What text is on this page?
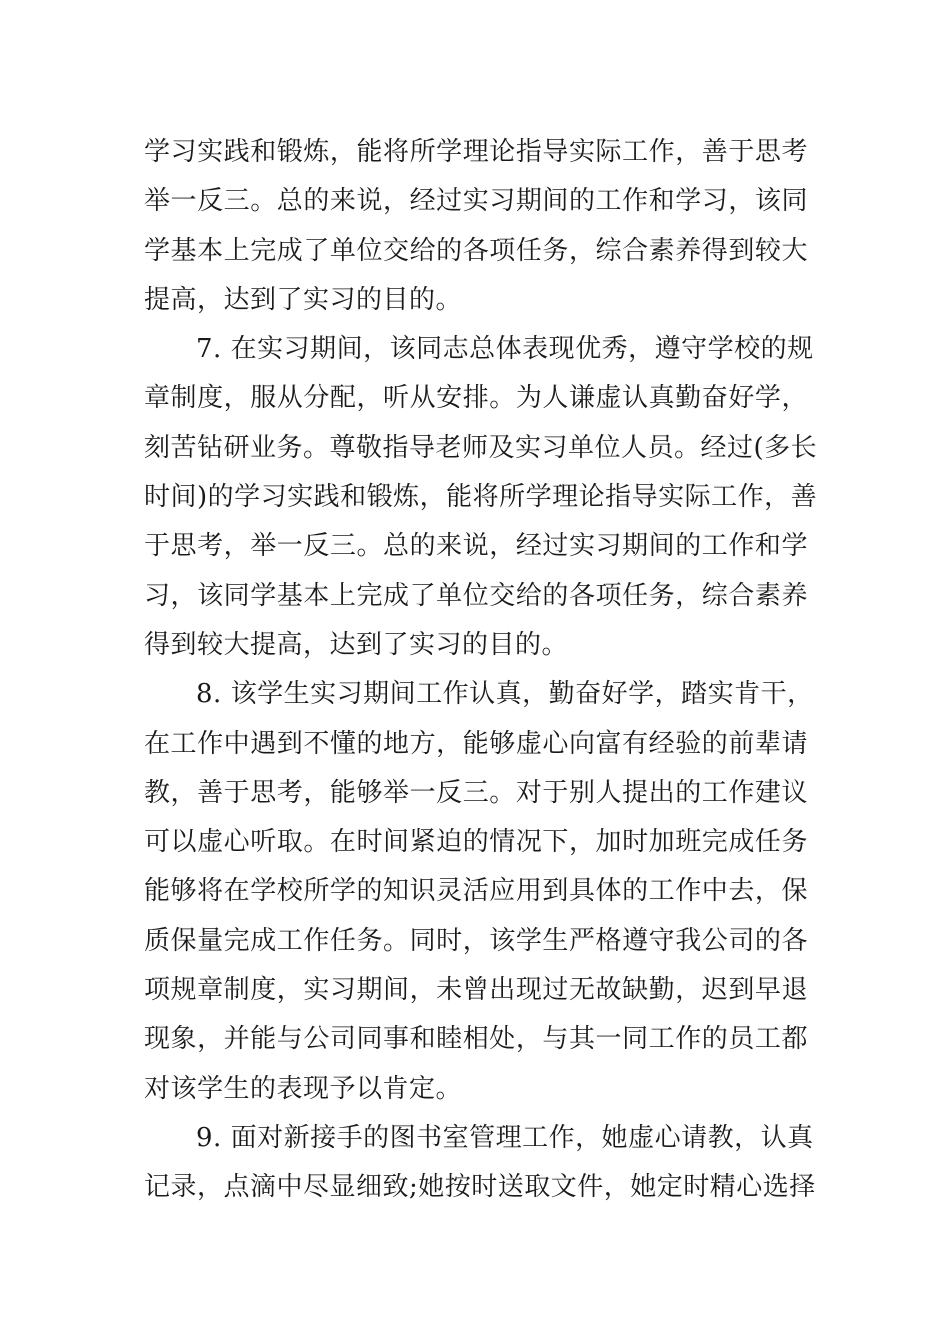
学习实践和锻炼，能将所学理论指导实际工作，善于思考
举一反三。总的来说，经过实习期间的工作和学习，该同
学基本上完成了单位交给的各项任务，综合素养得到较大
提高，达到了实习的目的。
7. 在实习期间，该同志总体表现优秀，遵守学校的规
章制度，服从分配，听从安排。为人谦虚认真勤奋好学，
刻苦钻研业务。尊敬指导老师及实习单位人员。经过(多长
时间)的学习实践和锻炼，能将所学理论指导实际工作，善
于思考，举一反三。总的来说，经过实习期间的工作和学
习，该同学基本上完成了单位交给的各项任务，综合素养
得到较大提高，达到了实习的目的。
8. 该学生实习期间工作认真，勤奋好学，踏实肯干，
在工作中遇到不懂的地方，能够虚心向富有经验的前辈请
教，善于思考，能够举一反三。对于别人提出的工作建议
可以虚心听取。在时间紧迫的情况下，加时加班完成任务
能够将在学校所学的知识灵活应用到具体的工作中去，保
质保量完成工作任务。同时，该学生严格遵守我公司的各
项规章制度，实习期间，未曾出现过无故缺勤，迟到早退
现象，并能与公司同事和睦相处，与其一同工作的员工都
对该学生的表现予以肯定。
9. 面对新接手的图书室管理工作，她虚心请教，认真
记录，点滴中尽显细致;她按时送取文件，她定时精心选择
